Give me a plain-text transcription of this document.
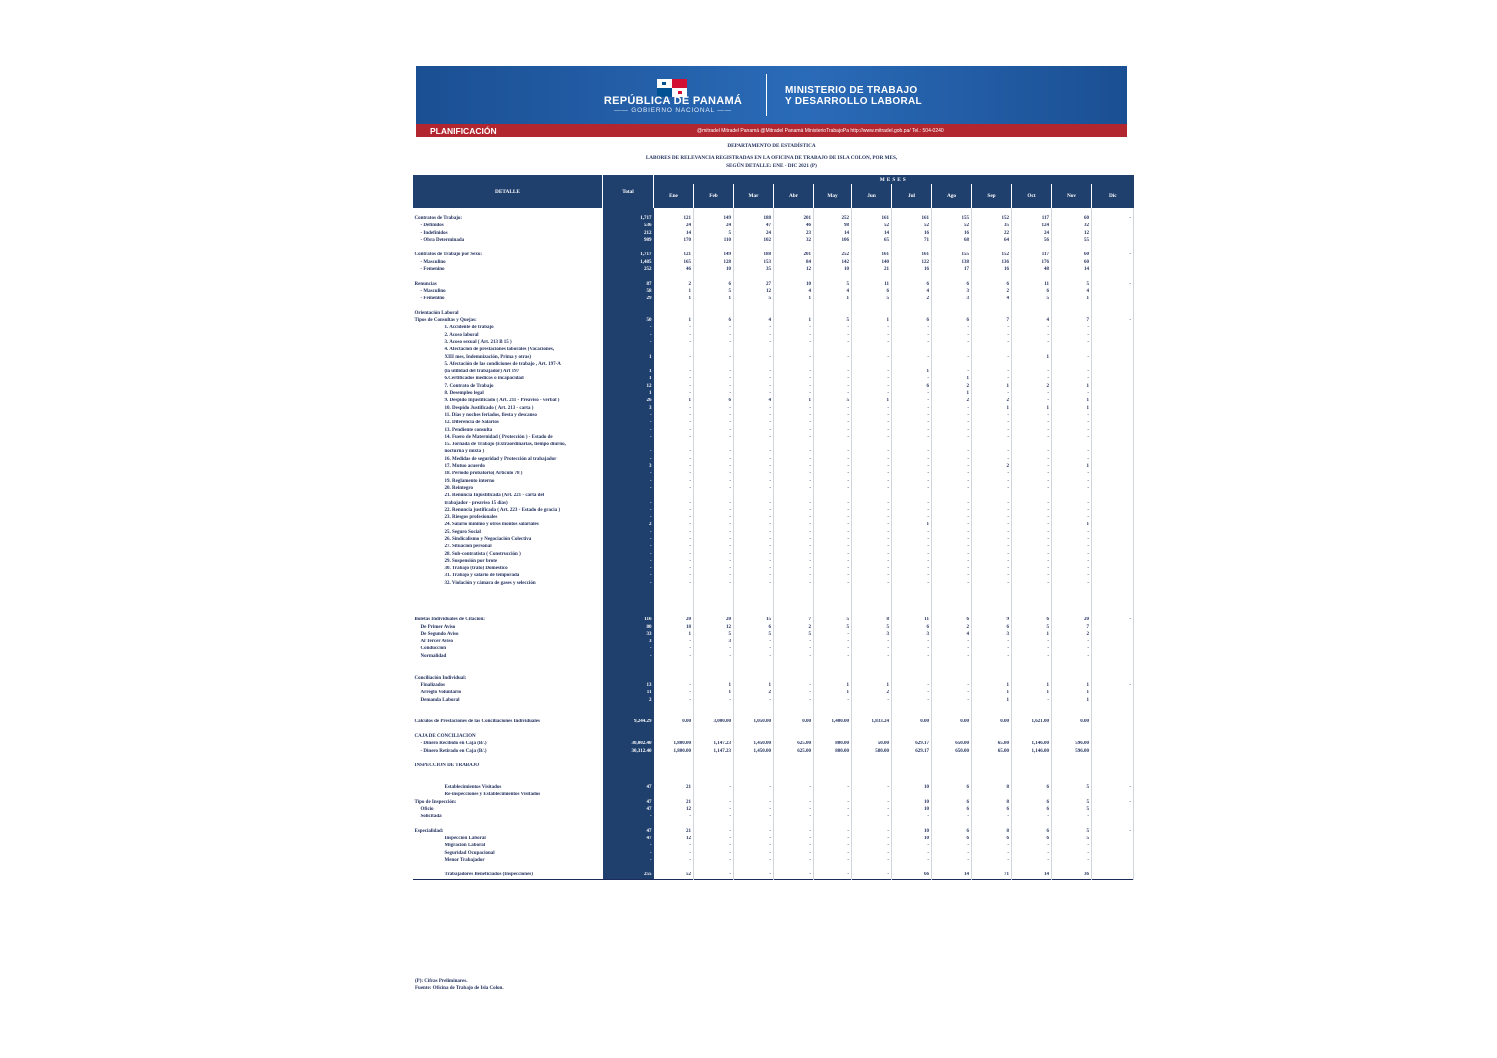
REPÚBLICA DE PANAMÁ
—— GOBIERNO NACIONAL ——
MINISTERIO DE TRABAJO
Y DESARROLLO LABORAL
PLANIFICACIÓN	@mitradel Mitradel Panamá @Mitradel Panamá MinisterioTrabajoPa http://www.mitradel.gob.pa/ Tel.: 504-0240
DEPARTAMENTO DE ESTADÍSTICA
LABORES DE RELEVANCIA REGISTRADAS EN LA OFICINA DE TRABAJO DE ISLA COLON, POR MES,
SEGÚN DETALLE: ENE - DIC 2021 (P)
DETALLE	Total	MESES											
		Ene	Feb	Mar	Abr	May	Jun	Jul	Ago	Sep	Oct	Nov	Dic

Contratos de Trabajo:	1,717	121	149	188	201	252	161	161	155	152	117	60	-
- Definidos	536	24	24	47	46	98	52	52	52	35	124	32	
- Indefinidos	212	14	5	24	23	14	14	16	16	22	24	12	
- Obra Determinada	989	170	110	102	32	106	65	71	68	64	56	55	

Contratos de Trabajo por Sexo:	1,717	121	149	188	201	252	161	161	155	152	117	60	-
- Masculino	1,485	165	128	153	84	142	140	122	138	136	176	60	
- Femenino	252	46	10	35	12	10	21	16	17	16	48	14	

Renuncias	87	2	6	27	10	5	11	6	6	6	11	5	-
- Masculino	58	1	5	12	4	4	6	4	3	2	6	4	
- Femenino	29	1	1	5	1	1	5	2	3	4	5	1	

Orientación Laboral													
Tipos de Consultas y Quejas:	50	1	6	4	1	5	1	6	6	7	4	7	-
1. Accidente de trabajo	-	-	-	-	-	-	-	-	-	-	-	-	
2. Acoso laboral	-	-	-	-	-	-	-	-	-	-	-	-	
3. Acoso sexual ( Art. 213 B 15 )	-	-	-	-	-	-	-	-	-	-	-	-	
4. Afectación de prestaciones laborales (Vacaciones,													
XIII mes, Indemnización, Prima y otras)	1	-	-	-	-	-	-	-	-	-	1	-	
5. Afectación de las condiciones de trabajo , Art. 197-A													
(la utilidad del trabajador) Art 197	1	-	-	-	-	-	-	1	-	-	-	-	
6.Certificados médicos o incapacidad	1	-	-	-	-	-	-	-	1	-	-	-	
7. Contrato de Trabajo	12	-	-	-	-	-	-	6	2	1	2	1	
8. Desempleo legal	1	-	-	-	-	-	-	-	1	-	-	-	
9. Despido Injustificado ( Art. 211 - Preaviso - verbal )	26	1	6	4	1	5	1	-	2	2	-	1	
10. Despido Justificado ( Art. 213 - carta )	3	-	-	-	-	-	-	-	-	1	1	1	
11. Días y noches feriados, fiesta y descanso	-	-	-	-	-	-	-	-	-	-	-	-	
12. Diferencia de Salarios	-	-	-	-	-	-	-	-	-	-	-	-	
13. Pendiente consulta	-	-	-	-	-	-	-	-	-	-	-	-	
14. Fuero de Maternidad ( Protección ) - Estado de	-	-	-	-	-	-	-	-	-	-	-	-	
15. Jornada de Trabajo (Extraordinarias, tiempo diurno,													
nocturna y mixta )	-	-	-	-	-	-	-	-	-	-	-	-	
16. Medidas de seguridad y Protección al trabajador	-	-	-	-	-	-	-	-	-	-	-	-	
17. Mutuo acuerdo	3	-	-	-	-	-	-	-	-	2	-	1	
18. Periodo probatorio( Artículo 78 )	-	-	-	-	-	-	-	-	-	-	-	-	
19. Reglamento interno	-	-	-	-	-	-	-	-	-	-	-	-	
20. Reintegro	-	-	-	-	-	-	-	-	-	-	-	-	
21. Renuncia Injustificada (Art. 221 - carta del													
trabajador - preaviso 15 días)	-	-	-	-	-	-	-	-	-	-	-	-	
22. Renuncia justificada ( Art. 223 - Estado de gracia )	-	-	-	-	-	-	-	-	-	-	-	-	
23. Riesgos profesionales	-	-	-	-	-	-	-	-	-	-	-	-	
24. Salario mínimo y otros montos salariales	2	-	-	-	-	-	-	1	-	-	-	1	
25. Seguro Social	-	-	-	-	-	-	-	-	-	-	-	-	
26. Sindicalismo y Negociación Colectiva	-	-	-	-	-	-	-	-	-	-	-	-	
27. Situación personal	-	-	-	-	-	-	-	-	-	-	-	-	
28. Sub-contratista ( Construcción )	-	-	-	-	-	-	-	-	-	-	-	-	
29. Suspensión por brote	-	-	-	-	-	-	-	-	-	-	-	-	
30. Trabajo (trato) Doméstico	-	-	-	-	-	-	-	-	-	-	-	-	
31. Trabajo y salario de temporada	-	-	-	-	-	-	-	-	-	-	-	-	
32. Violación y cámara de gases y selección	-	-	-	-	-	-	-	-	-	-	-	-	

Boletas Individuales de Citación:	116	20	20	15	7	5	8	11	6	9	6	20	-
De Primer Aviso	80	18	12	6	2	5	5	6	2	6	5	7	
De Segundo Aviso	33	1	5	5	5	-	3	3	4	3	1	2	
Al Tercer Aviso	3	-	3	-	-	-	-	-	-	-	-	-	
Conducción	-	-	-	-	-	-	-	-	-	-	-	-	
Normalidad	-	-	-	-	-	-	-	-	-	-	-	-	

Conciliación Individual:													
Finalizados	13	-	1	1	-	1	1	-	-	1	1	1	-
Arreglo Voluntario	11	-	1	2	-	1	2	-	-	1	1	1	
Demanda Laboral	2	-	-	-	-	-	-	-	-	1	-	1	

Cálculos de Prestaciones de las Conciliaciones Individuales	9,244.29	0.00	3,000.00	1,050.00	0.00	1,400.00	1,833.24	0.00	0.00	0.00	1,621.00	0.00	

CAJA DE CONCILIACIÓN													
- Dinero Recibido en Caja (B/.)	30,002.40	1,800.00	1,147.23	1,450.00	625.00	800.00	50.00	629.17	650.00	65.00	1,146.00	596.00	
- Dinero Retirado en Caja (B/.)	30,312.40	1,800.00	1,147.23	1,450.00	625.00	800.00	580.00	629.17	650.00	65.00	1,146.00	596.00	

INSPECCIÓN DE TRABAJO													

Establecimientos Visitados	47	21	-	-	-	-	-	10	6	8	6	5	-
Re-inspecciones y Establecimientos Visitados													
Tipo de Inspección:	47	21	-	-	-	-	-	10	6	8	6	5	-
Oficio	47	12	-	-	-	-	-	10	6	6	6	5	
Solicitada	-	-	-	-	-	-	-	-	-	-	-	-	

Especialidad:	47	21	-	-	-	-	-	10	6	8	6	5	-
Inspección Laboral	47	12	-	-	-	-	-	10	6	6	6	5	
Migración Laboral	-	-	-	-	-	-	-	-	-	-	-	-	
Seguridad Ocupacional	-	-	-	-	-	-	-	-	-	-	-	-	
Menor Trabajador	-	-	-	-	-	-	-	-	-	-	-	-	

Trabajadores Beneficiados (Inspecciones)	255	52	-	-	-	-	-	66	14	71	14	36	
(P): Cifras Preliminares.
Fuente: Oficina de Trabajo de Isla Colon.
